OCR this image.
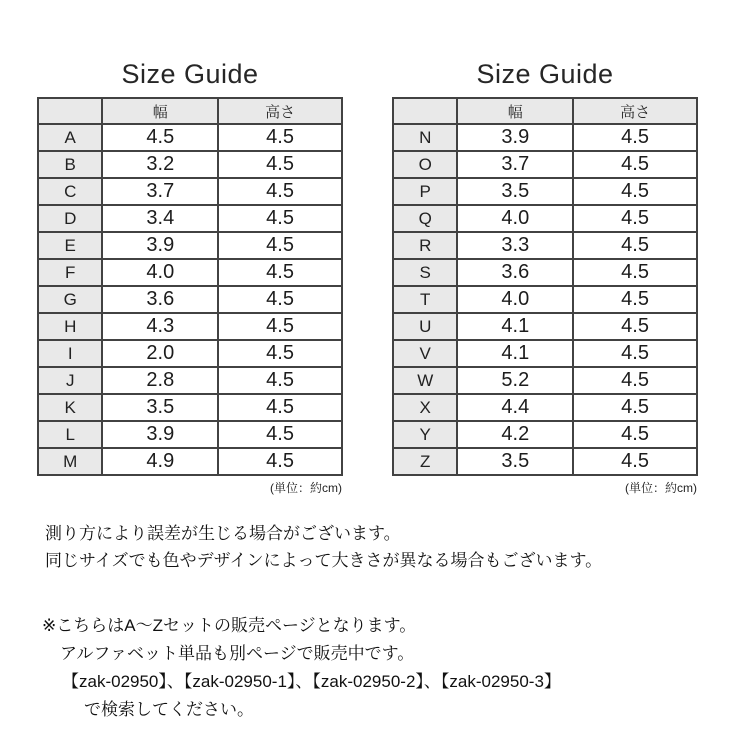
Size Guide
	幅	高さ
A	4.5	4.5
B	3.2	4.5
C	3.7	4.5
D	3.4	4.5
E	3.9	4.5
F	4.0	4.5
G	3.6	4.5
H	4.3	4.5
I	2.0	4.5
J	2.8	4.5
K	3.5	4.5
L	3.9	4.5
M	4.9	4.5
(単位：約cm)
Size Guide
	幅	高さ
N	3.9	4.5
O	3.7	4.5
P	3.5	4.5
Q	4.0	4.5
R	3.3	4.5
S	3.6	4.5
T	4.0	4.5
U	4.1	4.5
V	4.1	4.5
W	5.2	4.5
X	4.4	4.5
Y	4.2	4.5
Z	3.5	4.5
(単位：約cm)

測り方により誤差が生じる場合がございます。

同じサイズでも色やデザインによって大きさが異なる場合もございます。

※こちらはA～Zセットの販売ページとなります。

アルファベット単品も別ページで販売中です。

【zak-02950】、【zak-02950-1】、【zak-02950-2】、【zak-02950-3】

で検索してください。
